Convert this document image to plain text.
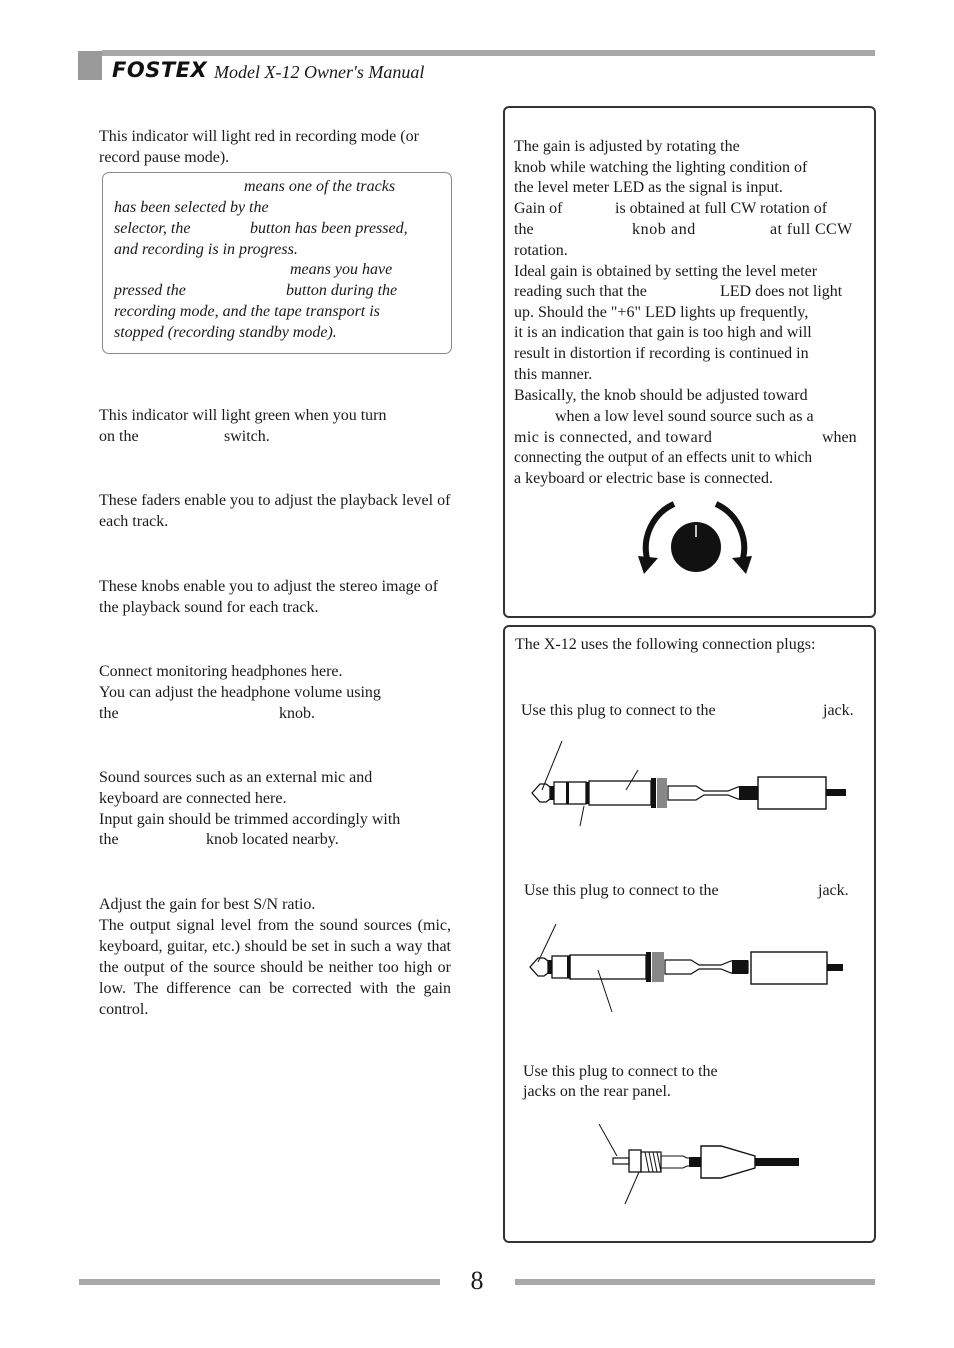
FOSTEX Model X-12 Owner's Manual
This indicator will light red in recording mode (or record pause mode).
means one of the tracks
has been selected by the
selector, the	button has been pressed,
and recording is in progress.
means you have
pressed the	button during the
recording mode, and the tape transport is
stopped (recording standby mode).
This indicator will light green when you turn
on the	switch.
These faders enable you to adjust the playback level of each track.
These knobs enable you to adjust the stereo image of the playback sound for each track.
Connect monitoring headphones here.
You can adjust the headphone volume using
the	knob.
Sound sources such as an external mic and keyboard are connected here.
Input gain should be trimmed accordingly with
the	knob located nearby.
Adjust the gain for best S/N ratio.
The output signal level from the sound sources (mic, keyboard, guitar, etc.) should be set in such a way that the output of the source should be neither too high or low. The difference can be corrected with the gain control.
The gain is adjusted by rotating the
knob while watching the lighting condition of
the level meter LED as the signal is input.
Gain of	is obtained at full CW rotation of
the	knob and	at full CCW
rotation.
Ideal gain is obtained by setting the level meter
reading such that the	LED does not light
up. Should the "+6" LED lights up frequently,
it is an indication that gain is too high and will
result in distortion if recording is continued in
this manner.
Basically, the knob should be adjusted toward
when a low level sound source such as a
mic is connected, and toward	when
connecting the output of an effects unit to which
a keyboard or electric base is connected.
The X-12 uses the following connection plugs:
Use this plug to connect to the	jack.
Use this plug to connect to the	jack.
Use this plug to connect to the
jacks on the rear panel.
8
